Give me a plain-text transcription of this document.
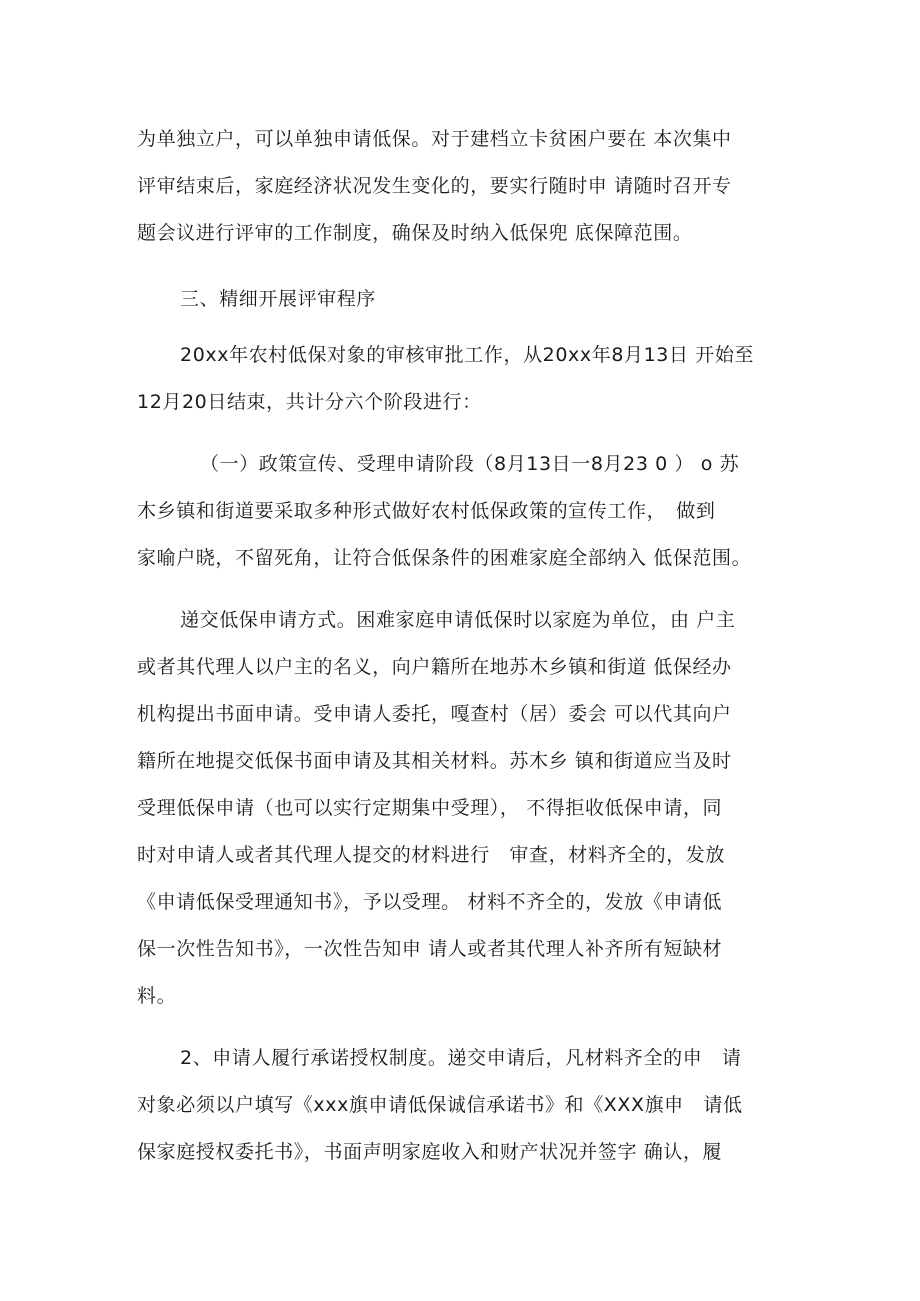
为单独立户，可以单独申请低保。对于建档立卡贫困户要在 本次集中
评审结束后，家庭经济状况发生变化的，要实行随时申 请随时召开专
题会议进行评审的工作制度，确保及时纳入低保兜 底保障范围。
三、精细开展评审程序
20xx年农村低保对象的审核审批工作，从20xx年8月13日 开始至
12月20日结束，共计分六个阶段进行：
（一）政策宣传、受理申请阶段（8月13日一8月23 0 ） o 苏
木乡镇和街道要采取多种形式做好农村低保政策的宣传工作，　做到
家喻户晓，不留死角，让符合低保条件的困难家庭全部纳入 低保范围。
递交低保申请方式。困难家庭申请低保时以家庭为单位，由 户主
或者其代理人以户主的名义，向户籍所在地苏木乡镇和街道 低保经办
机构提出书面申请。受申请人委托，嘎查村（居）委会 可以代其向户
籍所在地提交低保书面申请及其相关材料。苏木乡 镇和街道应当及时
受理低保申请（也可以实行定期集中受理）， 不得拒收低保申请，同
时对申请人或者其代理人提交的材料进行　审查，材料齐全的，发放
《申请低保受理通知书》，予以受理。 材料不齐全的，发放《申请低
保一次性告知书》，一次性告知申 请人或者其代理人补齐所有短缺材
料。
2、申请人履行承诺授权制度。递交申请后，凡材料齐全的申　请
对象必须以户填写《xxx旗申请低保诚信承诺书》和《XXX旗申　请低
保家庭授权委托书》，书面声明家庭收入和财产状况并签字 确认，履
